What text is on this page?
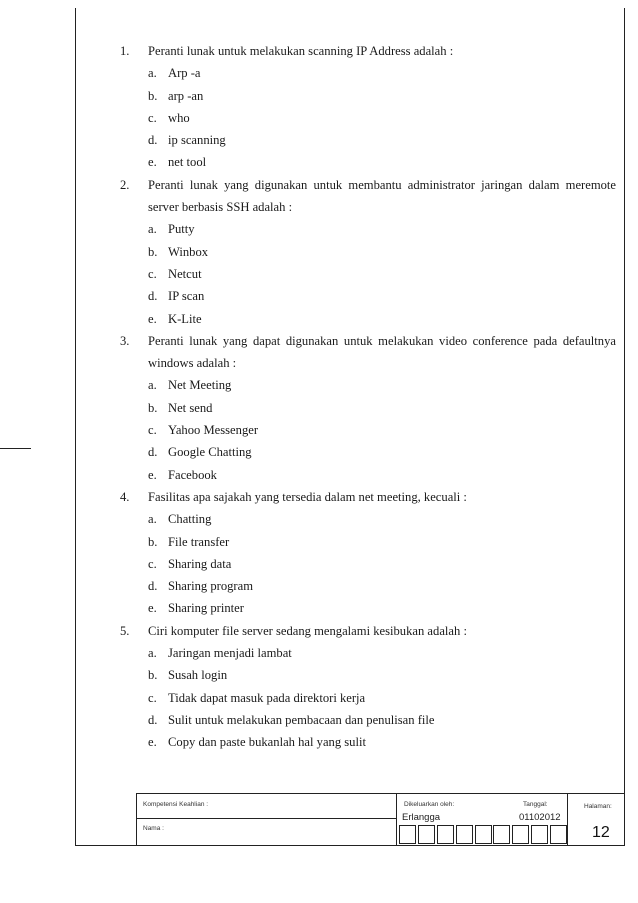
1.	Peranti lunak untuk melakukan scanning IP Address adalah :
a. Arp -a
b. arp -an
c. who
d. ip scanning
e. net tool
2.	Peranti lunak yang digunakan untuk membantu administrator jaringan dalam meremote
server berbasis SSH adalah :
a. Putty
b. Winbox
c. Netcut
d. IP scan
e. K-Lite
3.	Peranti lunak yang dapat digunakan untuk melakukan video conference pada defaultnya
windows adalah :
a. Net Meeting
b. Net send
c. Yahoo Messenger
d. Google Chatting
e. Facebook
4.	Fasilitas apa sajakah yang tersedia dalam net meeting, kecuali :
a. Chatting
b. File transfer
c. Sharing data
d. Sharing program
e. Sharing printer
5.	Ciri komputer file server sedang mengalami kesibukan adalah :
a. Jaringan menjadi lambat
b. Susah login
c. Tidak dapat masuk pada direktori kerja
d. Sulit untuk melakukan pembacaan dan penulisan file
e. Copy dan paste bukanlah hal yang sulit
Kompetensi Keahlian :
Nama :
Dikeluarkan oleh:
Erlangga
Tanggal:
01102012
Halaman:
12
